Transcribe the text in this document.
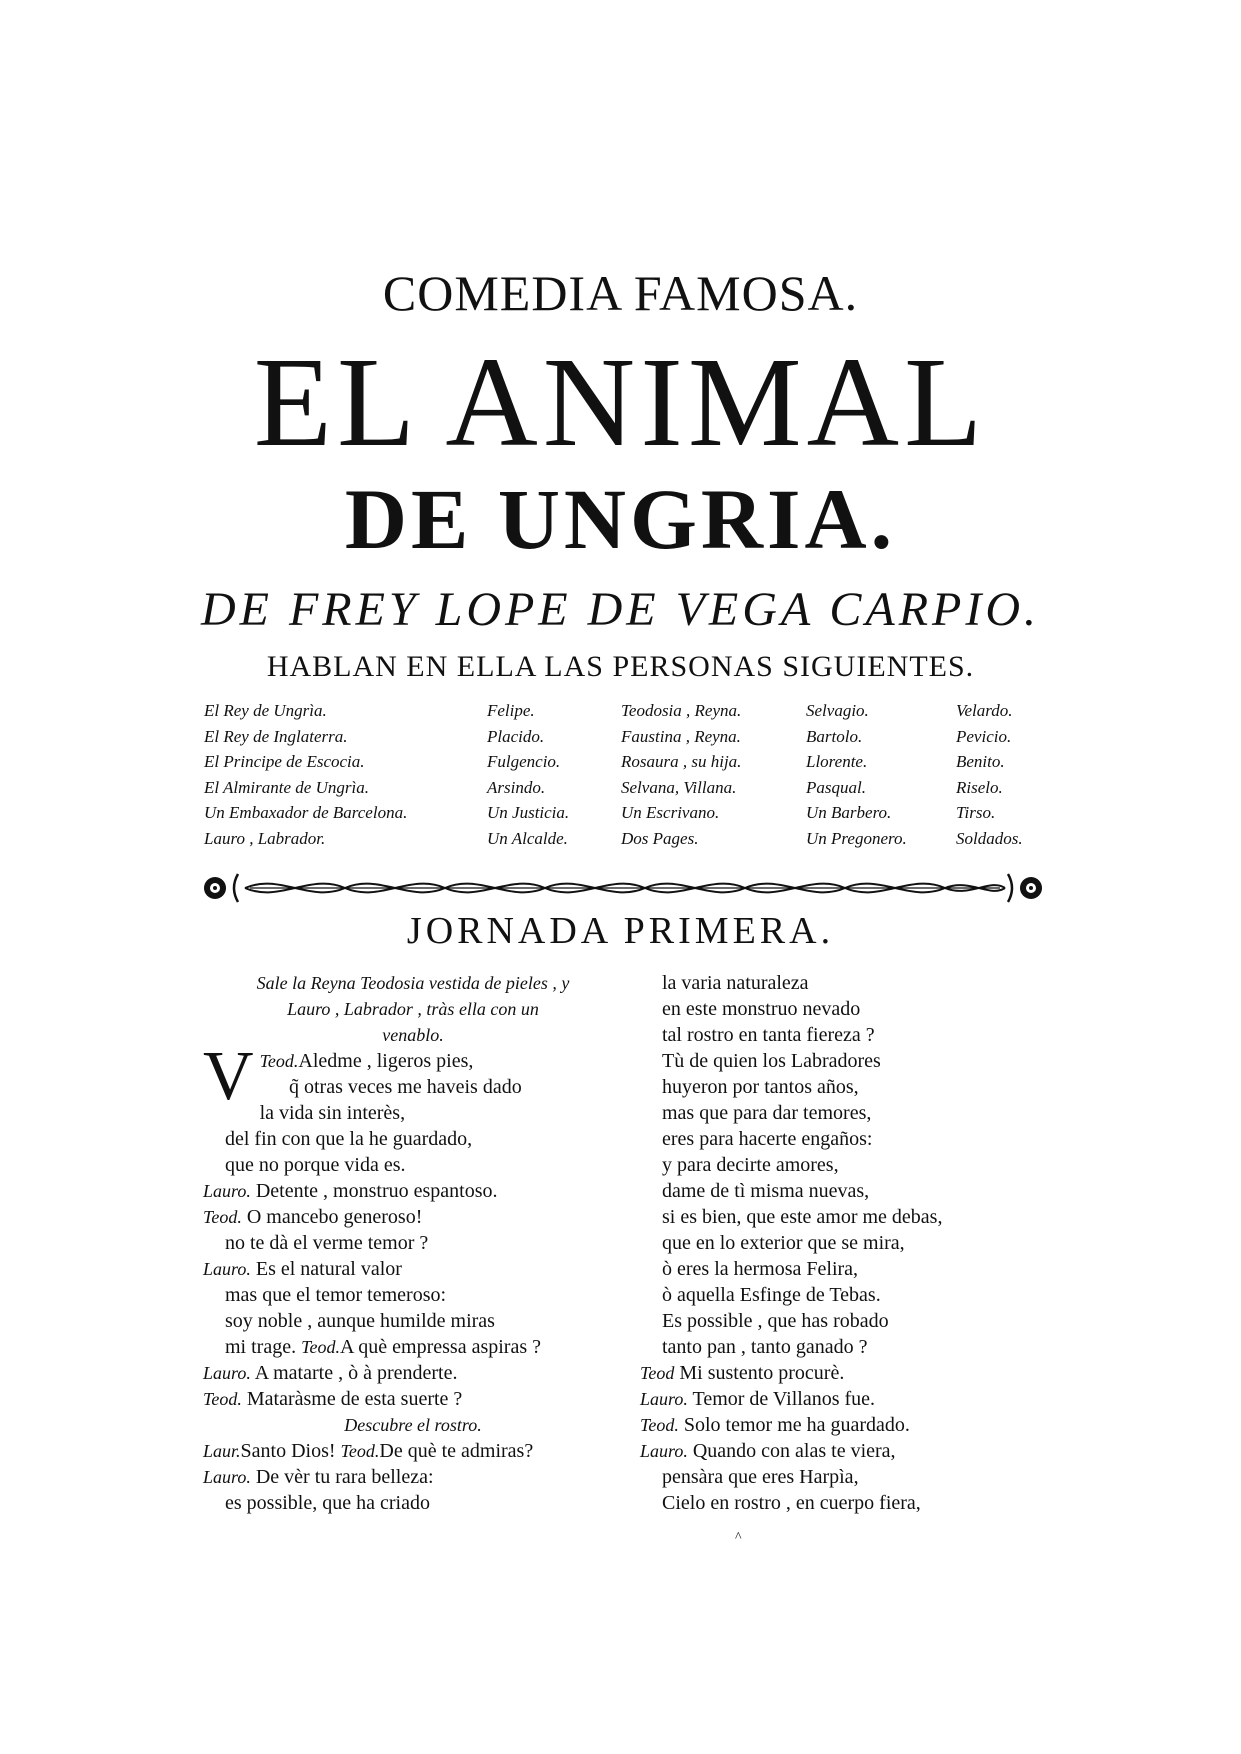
COMEDIA FAMOSA.
EL ANIMAL
DE UNGRIA.
DE FREY LOPE DE VEGA CARPIO.
HABLAN EN ELLA LAS PERSONAS SIGUIENTES.
El Rey de Ungrìa.
El Rey de Inglaterra.
El Principe de Escocia.
El Almirante de Ungrìa.
Un Embaxador de Barcelona.
Lauro , Labrador.
Felipe.
Placido.
Fulgencio.
Arsindo.
Un Justicia.
Un Alcalde.
Teodosia , Reyna.
Faustina , Reyna.
Rosaura , su hija.
Selvana, Villana.
Un Escrivano.
Dos Pages.
Selvagio.
Bartolo.
Llorente.
Pasqual.
Un Barbero.
Un Pregonero.
Velardo.
Pevicio.
Benito.
Riselo.
Tirso.
Soldados.
JORNADA PRIMERA.
Sale la Reyna Teodosia vestida de pieles , y
Lauro , Labrador , tràs ella con un
venablo.
Teod.
V Aledme , ligeros pies,
q̃ otras veces me haveis dado
la vida sin interès,
del fin con que la he guardado,
que no porque vida es.
Lauro. Detente , monstruo espantoso.
Teod. O mancebo generoso!
no te dà el verme temor ?
Lauro. Es el natural valor
mas que el temor temeroso:
soy noble , aunque humilde miras
mi trage. Teod.A què empressa aspiras ?
Lauro. A matarte , ò à prenderte.
Teod. Mataràsme de esta suerte ?
Descubre el rostro.
Laur.Santo Dios! Teod.De què te admiras?
Lauro. De vèr tu rara belleza:
es possible, que ha criado
la varia naturaleza
en este monstruo nevado
tal rostro en tanta fiereza ?
Tù de quien los Labradores
huyeron por tantos años,
mas que para dar temores,
eres para hacerte engaños:
y para decirte amores,
dame de tì misma nuevas,
si es bien, que este amor me debas,
que en lo exterior que se mira,
ò eres la hermosa Felira,
ò aquella Esfinge de Tebas.
Es possible , que has robado
tanto pan , tanto ganado ?
Teod Mi sustento procurè.
Lauro. Temor de Villanos fue.
Teod. Solo temor me ha guardado.
Lauro. Quando con alas te viera,
pensàra que eres Harpìa,
Cielo en rostro , en cuerpo fiera,
^
